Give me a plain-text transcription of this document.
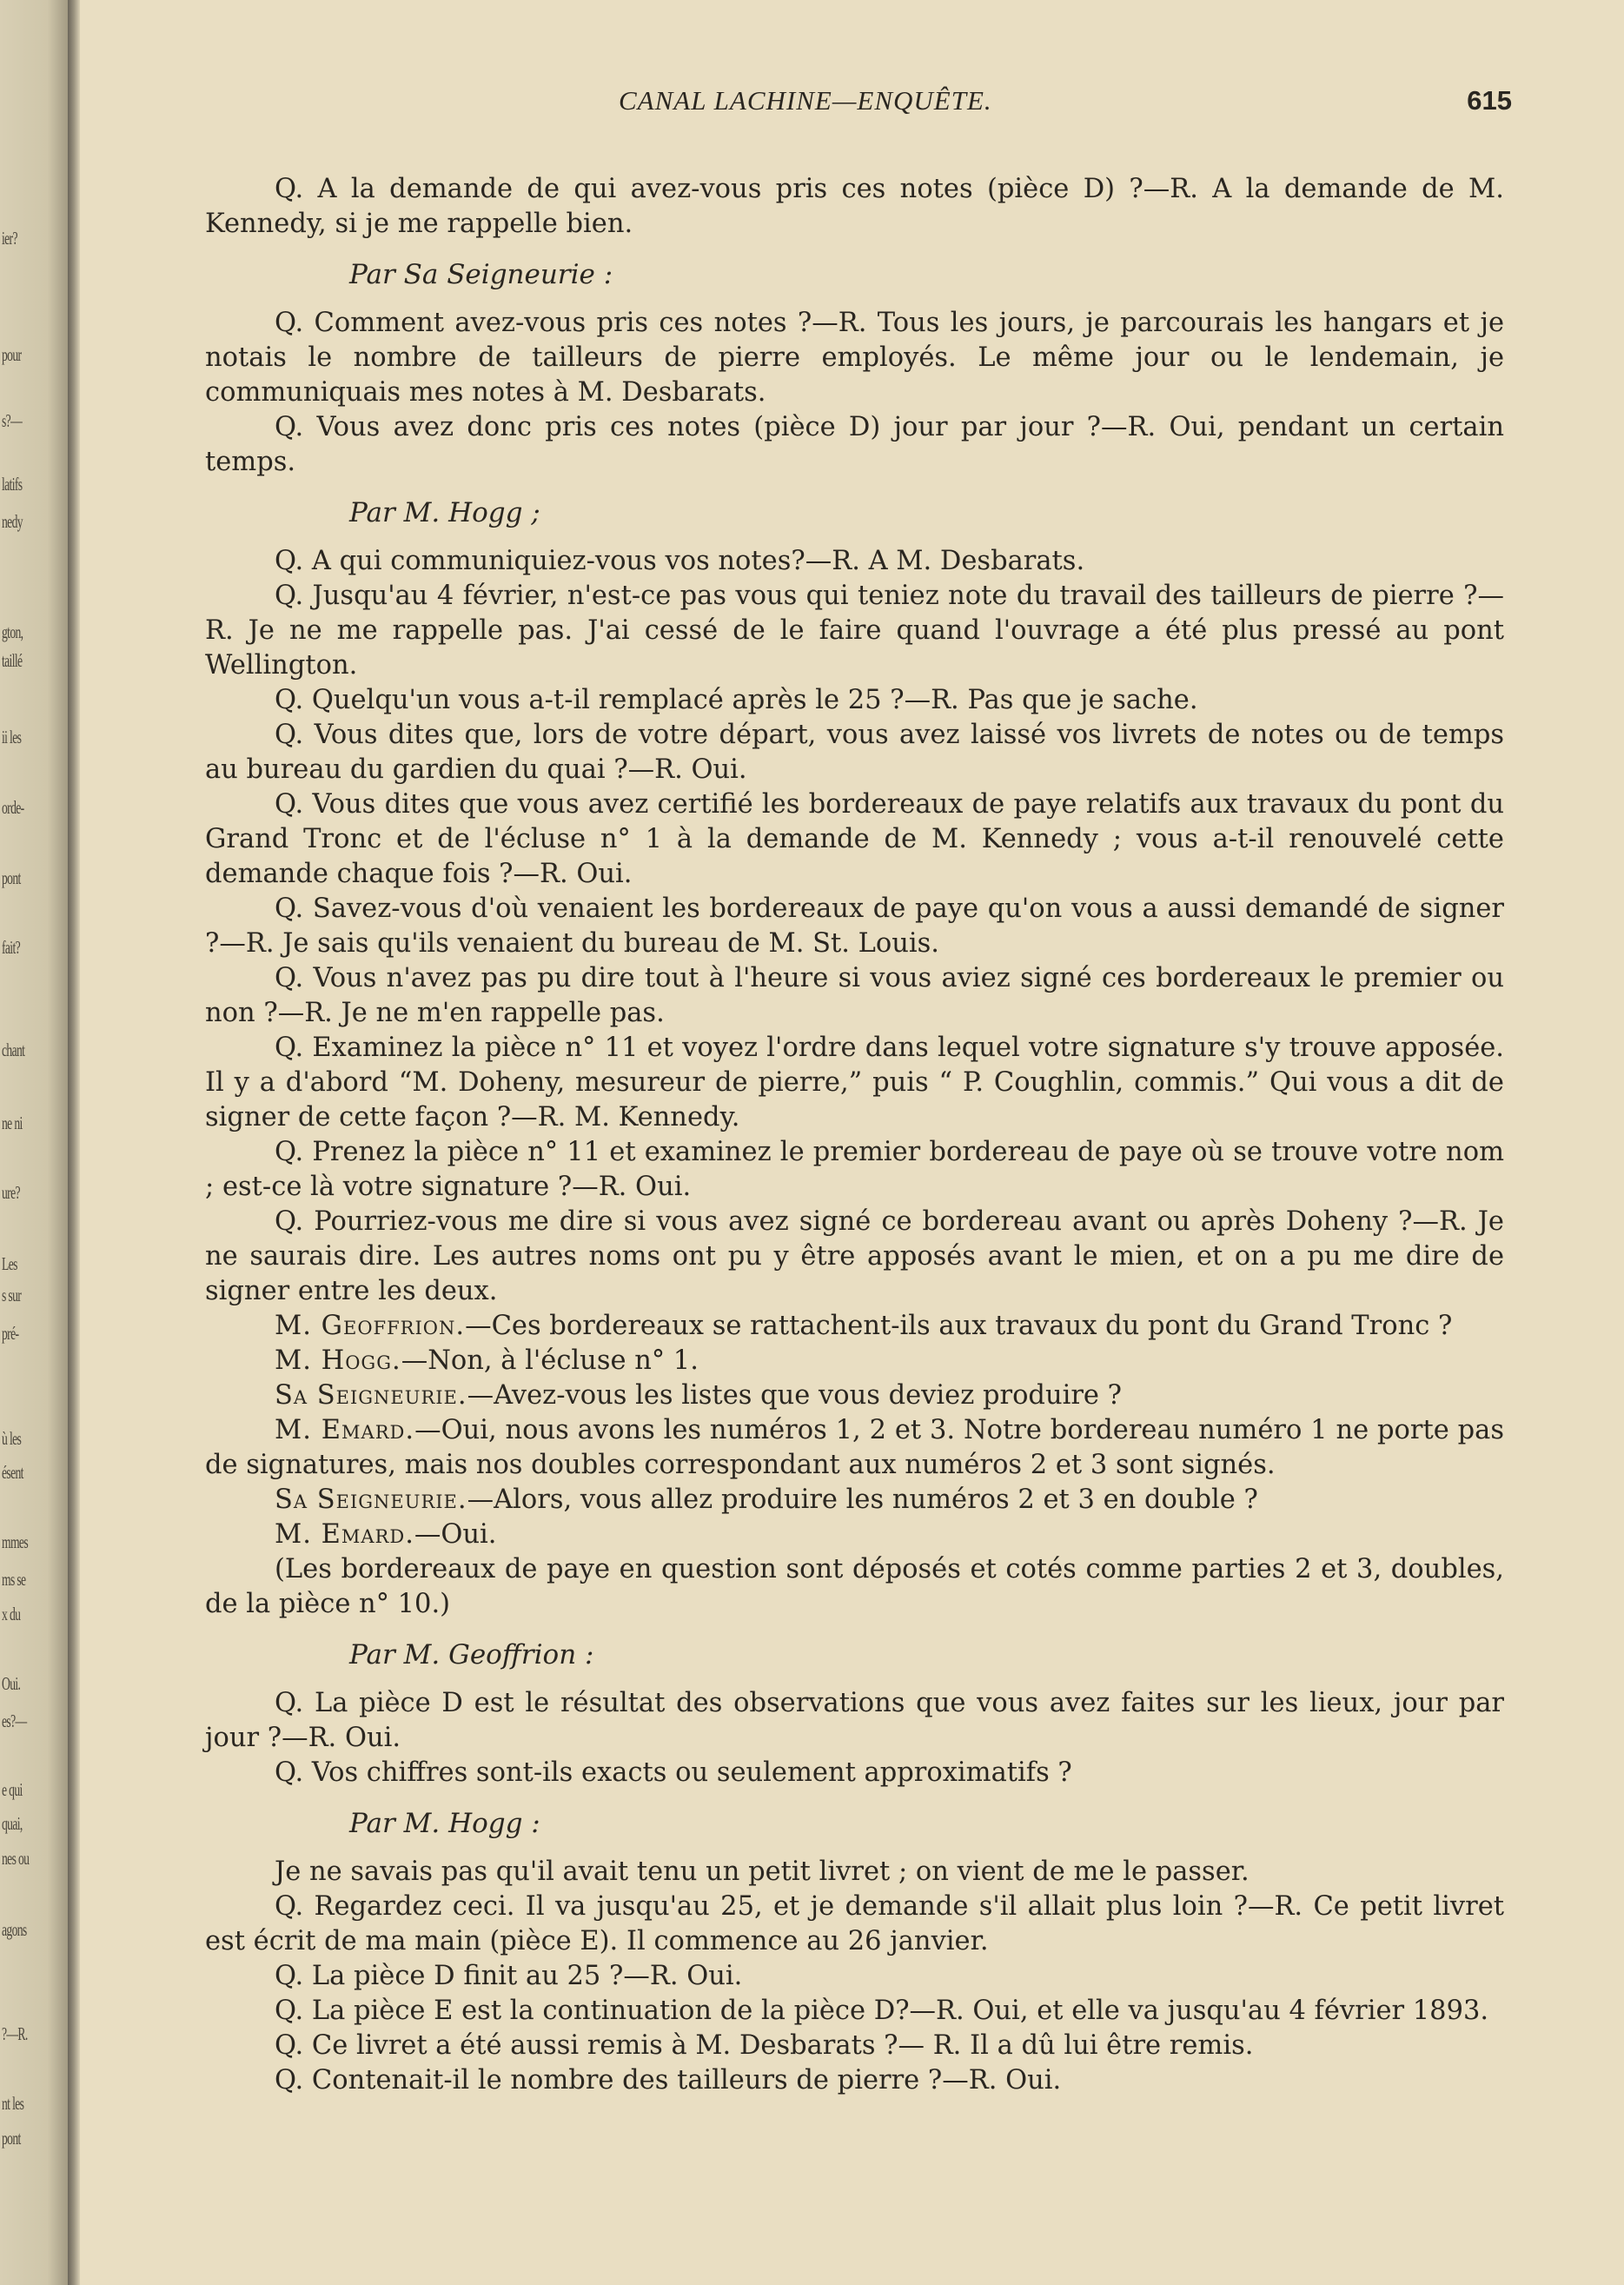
ier?
pour
s?—
latifs
nedy
gton,
taillé
ii les
orde-
pont
fait?
chant
ne ni
ure?
Les
s sur
pré-
ù les
ésent
mmes
ms se
x du
Oui.
es?—
e qui
quai,
nes ou
agons
?—R.
nt les
pont
CANAL LACHINE—ENQUÊTE.	615

Q. A la demande de qui avez-vous pris ces notes (pièce D) ?—R. A la demande de M. Kennedy, si je me rappelle bien.

Par Sa Seigneurie :

Q. Comment avez-vous pris ces notes ?—R. Tous les jours, je parcourais les hangars et je notais le nombre de tailleurs de pierre employés. Le même jour ou le lendemain, je communiquais mes notes à M. Desbarats.

Q. Vous avez donc pris ces notes (pièce D) jour par jour ?—R. Oui, pendant un certain temps.

Par M. Hogg ;

Q. A qui communiquiez-vous vos notes?—R. A M. Desbarats.

Q. Jusqu'au 4 février, n'est-ce pas vous qui teniez note du travail des tailleurs de pierre ?—R. Je ne me rappelle pas. J'ai cessé de le faire quand l'ouvrage a été plus pressé au pont Wellington.

Q. Quelqu'un vous a-t-il remplacé après le 25 ?—R. Pas que je sache.

Q. Vous dites que, lors de votre départ, vous avez laissé vos livrets de notes ou de temps au bureau du gardien du quai ?—R. Oui.

Q. Vous dites que vous avez certifié les bordereaux de paye relatifs aux travaux du pont du Grand Tronc et de l'écluse n° 1 à la demande de M. Kennedy ; vous a-t-il renouvelé cette demande chaque fois ?—R. Oui.

Q. Savez-vous d'où venaient les bordereaux de paye qu'on vous a aussi demandé de signer ?—R. Je sais qu'ils venaient du bureau de M. St. Louis.

Q. Vous n'avez pas pu dire tout à l'heure si vous aviez signé ces bordereaux le premier ou non ?—R. Je ne m'en rappelle pas.

Q. Examinez la pièce n° 11 et voyez l'ordre dans lequel votre signature s'y trouve apposée. Il y a d'abord “M. Doheny, mesureur de pierre,” puis “ P. Coughlin, commis.” Qui vous a dit de signer de cette façon ?—R. M. Kennedy.

Q. Prenez la pièce n° 11 et examinez le premier bordereau de paye où se trouve votre nom ; est-ce là votre signature ?—R. Oui.

Q. Pourriez-vous me dire si vous avez signé ce bordereau avant ou après Doheny ?—R. Je ne saurais dire. Les autres noms ont pu y être apposés avant le mien, et on a pu me dire de signer entre les deux.

M. Geoffrion.—Ces bordereaux se rattachent-ils aux travaux du pont du Grand Tronc ?

M. Hogg.—Non, à l'écluse n° 1.

Sa Seigneurie.—Avez-vous les listes que vous deviez produire ?

M. Emard.—Oui, nous avons les numéros 1, 2 et 3. Notre bordereau numéro 1 ne porte pas de signatures, mais nos doubles correspondant aux numéros 2 et 3 sont signés.

Sa Seigneurie.—Alors, vous allez produire les numéros 2 et 3 en double ?

M. Emard.—Oui.

(Les bordereaux de paye en question sont déposés et cotés comme parties 2 et 3, doubles, de la pièce n° 10.)

Par M. Geoffrion :

Q. La pièce D est le résultat des observations que vous avez faites sur les lieux, jour par jour ?—R. Oui.

Q. Vos chiffres sont-ils exacts ou seulement approximatifs ?

Par M. Hogg :

Je ne savais pas qu'il avait tenu un petit livret ; on vient de me le passer.

Q. Regardez ceci. Il va jusqu'au 25, et je demande s'il allait plus loin ?—R. Ce petit livret est écrit de ma main (pièce E). Il commence au 26 janvier.

Q. La pièce D finit au 25 ?—R. Oui.

Q. La pièce E est la continuation de la pièce D?—R. Oui, et elle va jusqu'au 4 février 1893.

Q. Ce livret a été aussi remis à M. Desbarats ?— R. Il a dû lui être remis.

Q. Contenait-il le nombre des tailleurs de pierre ?—R. Oui.
